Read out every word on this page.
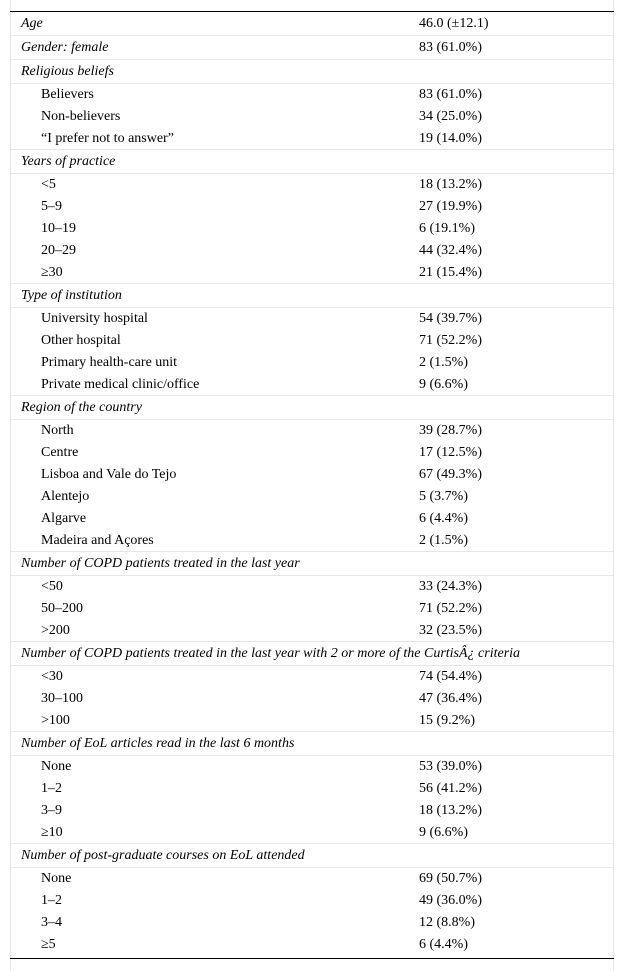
Age	46.0 (±12.1)
Gender: female	83 (61.0%)
Religious beliefs
Believers	83 (61.0%)
Non-believers	34 (25.0%)
“I prefer not to answer”	19 (14.0%)
Years of practice
<5	18 (13.2%)
5–9	27 (19.9%)
10–19	6 (19.1%)
20–29	44 (32.4%)
≥30	21 (15.4%)
Type of institution
University hospital	54 (39.7%)
Other hospital	71 (52.2%)
Primary health-care unit	2 (1.5%)
Private medical clinic/office	9 (6.6%)
Region of the country
North	39 (28.7%)
Centre	17 (12.5%)
Lisboa and Vale do Tejo	67 (49.3%)
Alentejo	5 (3.7%)
Algarve	6 (4.4%)
Madeira and Açores	2 (1.5%)
Number of COPD patients treated in the last year
<50	33 (24.3%)
50–200	71 (52.2%)
>200	32 (23.5%)
Number of COPD patients treated in the last year with 2 or more of the CurtisÂ¿ criteria
<30	74 (54.4%)
30–100	47 (36.4%)
>100	15 (9.2%)
Number of EoL articles read in the last 6 months
None	53 (39.0%)
1–2	56 (41.2%)
3–9	18 (13.2%)
≥10	9 (6.6%)
Number of post-graduate courses on EoL attended
None	69 (50.7%)
1–2	49 (36.0%)
3–4	12 (8.8%)
≥5	6 (4.4%)
